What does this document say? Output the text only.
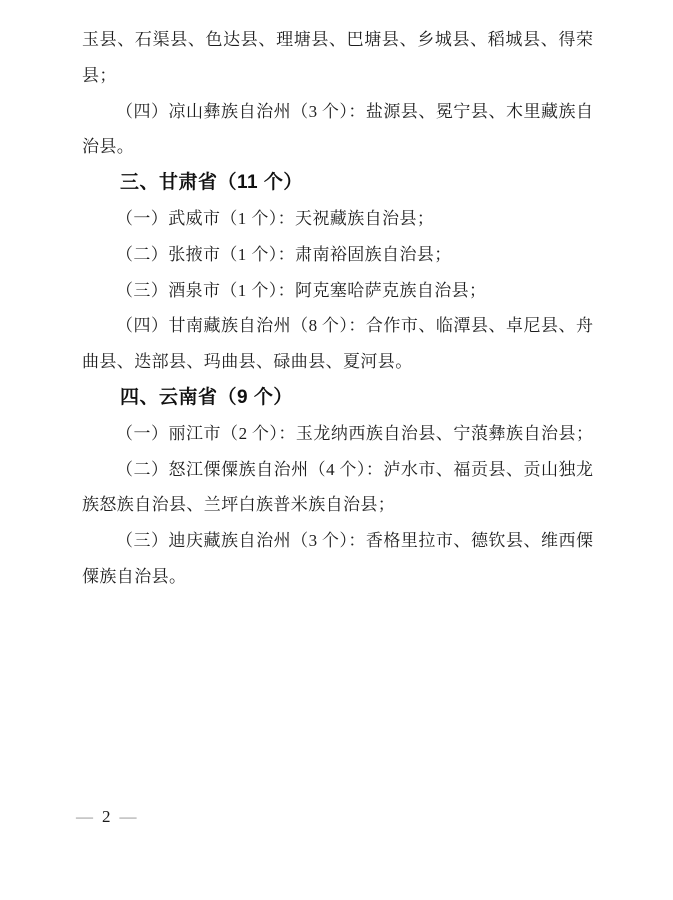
玉县、石渠县、色达县、理塘县、巴塘县、乡城县、稻城县、得荣
县；
（四）凉山彝族自治州（3 个）：盐源县、冕宁县、木里藏族自
治县。
三、甘肃省（11 个）
（一）武威市（1 个）：天祝藏族自治县；
（二）张掖市（1 个）：肃南裕固族自治县；
（三）酒泉市（1 个）：阿克塞哈萨克族自治县；
（四）甘南藏族自治州（8 个）：合作市、临潭县、卓尼县、舟
曲县、迭部县、玛曲县、碌曲县、夏河县。
四、云南省（9 个）
（一）丽江市（2 个）：玉龙纳西族自治县、宁蒗彝族自治县；
（二）怒江傈僳族自治州（4 个）：泸水市、福贡县、贡山独龙
族怒族自治县、兰坪白族普米族自治县；
（三）迪庆藏族自治州（3 个）：香格里拉市、德钦县、维西傈
僳族自治县。
— 2 —
